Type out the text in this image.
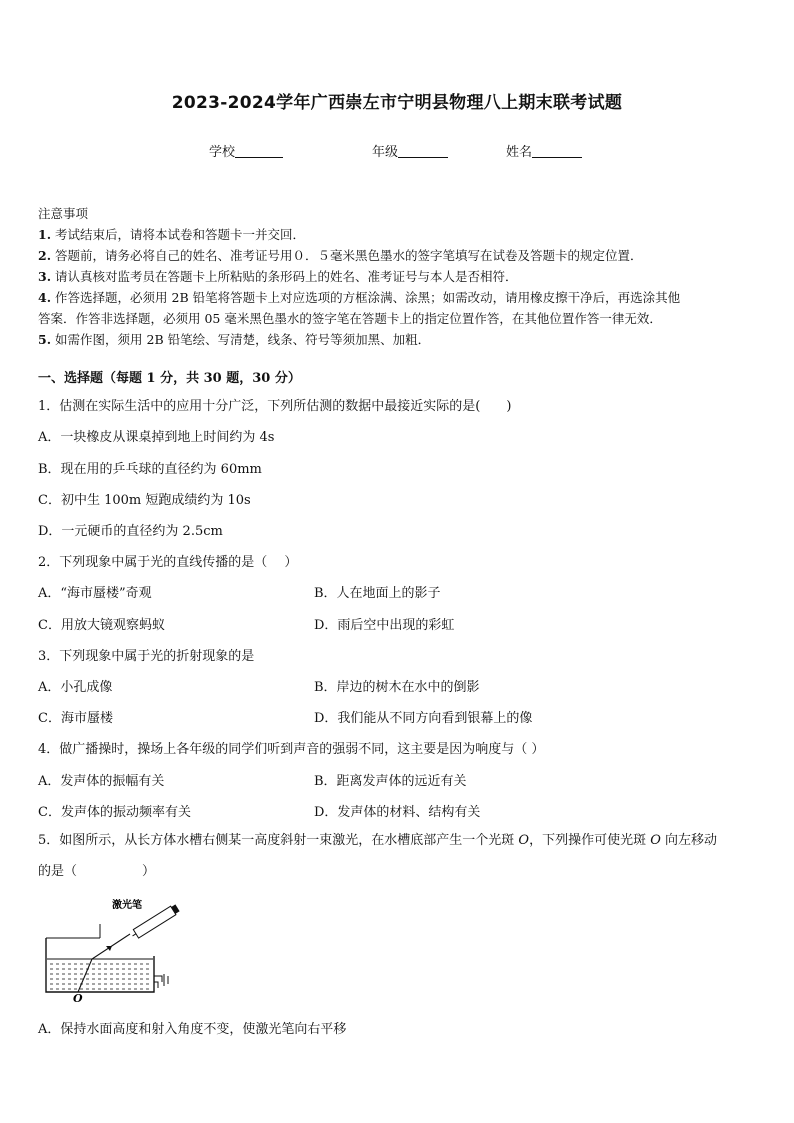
2023-2024学年广西崇左市宁明县物理八上期末联考试题
学校	年级	姓名
注意事项
1. 考试结束后，请将本试卷和答题卡一并交回．
2. 答题前，请务必将自己的姓名、准考证号用０．５毫米黑色墨水的签字笔填写在试卷及答题卡的规定位置．
3. 请认真核对监考员在答题卡上所粘贴的条形码上的姓名、准考证号与本人是否相符．
4. 作答选择题，必须用 2B 铅笔将答题卡上对应选项的方框涂满、涂黑；如需改动，请用橡皮擦干净后，再选涂其他
答案．作答非选择题，必须用 05 毫米黑色墨水的签字笔在答题卡上的指定位置作答，在其他位置作答一律无效．
5. 如需作图，须用 2B 铅笔绘、写清楚，线条、符号等须加黑、加粗．
一、选择题（每题 1 分，共 30 题，30 分）
1．估测在实际生活中的应用十分广泛，下列所估测的数据中最接近实际的是(　　)
A．一块橡皮从课桌掉到地上时间约为 4s
B．现在用的乒乓球的直径约为 60mm
C．初中生 100m 短跑成绩约为 10s
D．一元硬币的直径约为 2.5cm
2．下列现象中属于光的直线传播的是（　 ）
A．“海市蜃楼”奇观	B．人在地面上的影子
C．用放大镜观察蚂蚁	D．雨后空中出现的彩虹
3．下列现象中属于光的折射现象的是
A．小孔成像	B．岸边的树木在水中的倒影
C．海市蜃楼	D．我们能从不同方向看到银幕上的像
4．做广播操时，操场上各年级的同学们听到声音的强弱不同，这主要是因为响度与（ ）
A．发声体的振幅有关	B．距离发声体的远近有关
C．发声体的振动频率有关	D．发声体的材料、结构有关
5．如图所示，从长方体水槽右侧某一高度斜射一束激光，在水槽底部产生一个光斑 O，下列操作可使光斑 O 向左移动
的是（　　　　　）
激光笔
O
A．保持水面高度和射入角度不变，使激光笔向右平移
